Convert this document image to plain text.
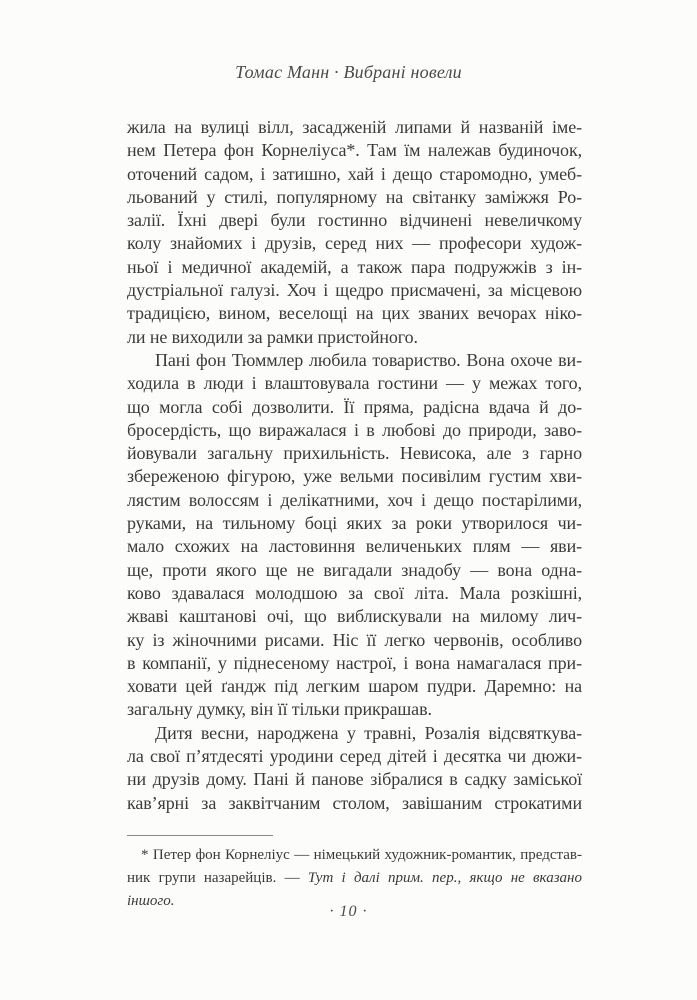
Томас Манн · Вибрані новели
жила на вулиці вілл, засадженій липами й названій іме-
нем Петера фон Корнеліуса*. Там їм належав будиночок,
оточений садом, і затишно, хай і дещо старомодно, умеб-
льований у стилі, популярному на світанку заміжжя Ро-
залії. Їхні двері були гостинно відчинені невеличкому
колу знайомих і друзів, серед них — професори худож-
ньої і медичної академій, а також пара подружжів з ін-
дустріальної галузі. Хоч і щедро присмачені, за місцевою
традицією, вином, веселощі на цих званих вечорах ніко-
ли не виходили за рамки пристойного.
Пані фон Тюммлер любила товариство. Вона охоче ви-
ходила в люди і влаштовувала гостини — у межах того,
що могла собі дозволити. Її пряма, радісна вдача й до-
бросердість, що виражалася і в любові до природи, заво-
йовували загальну прихильність. Невисока, але з гарно
збереженою фігурою, уже вельми посивілим густим хви-
лястим волоссям і делікатними, хоч і дещо постарілими,
руками, на тильному боці яких за роки утворилося чи-
мало схожих на ластовиння величеньких плям — яви-
ще, проти якого ще не вигадали знадобу — вона одна-
ково здавалася молодшою за свої літа. Мала розкішні,
жваві каштанові очі, що виблискували на милому лич-
ку із жіночними рисами. Ніс її легко червонів, особливо
в компанії, у піднесеному настрої, і вона намагалася при-
ховати цей ґандж під легким шаром пудри. Даремно: на
загальну думку, він її тільки прикрашав.
Дитя весни, народжена у травні, Розалія відсвяткува-
ла свої п’ятдесяті уродини серед дітей і десятка чи дюжи-
ни друзів дому. Пані й панове зібралися в садку заміської
кав’ярні за заквітчаним столом, завішаним строкатими
* Петер фон Корнеліус — німецький художник-романтик, представ-
ник групи назарейців. — Тут і далі прим. пер., якщо не вказано іншого.
· 10 ·
